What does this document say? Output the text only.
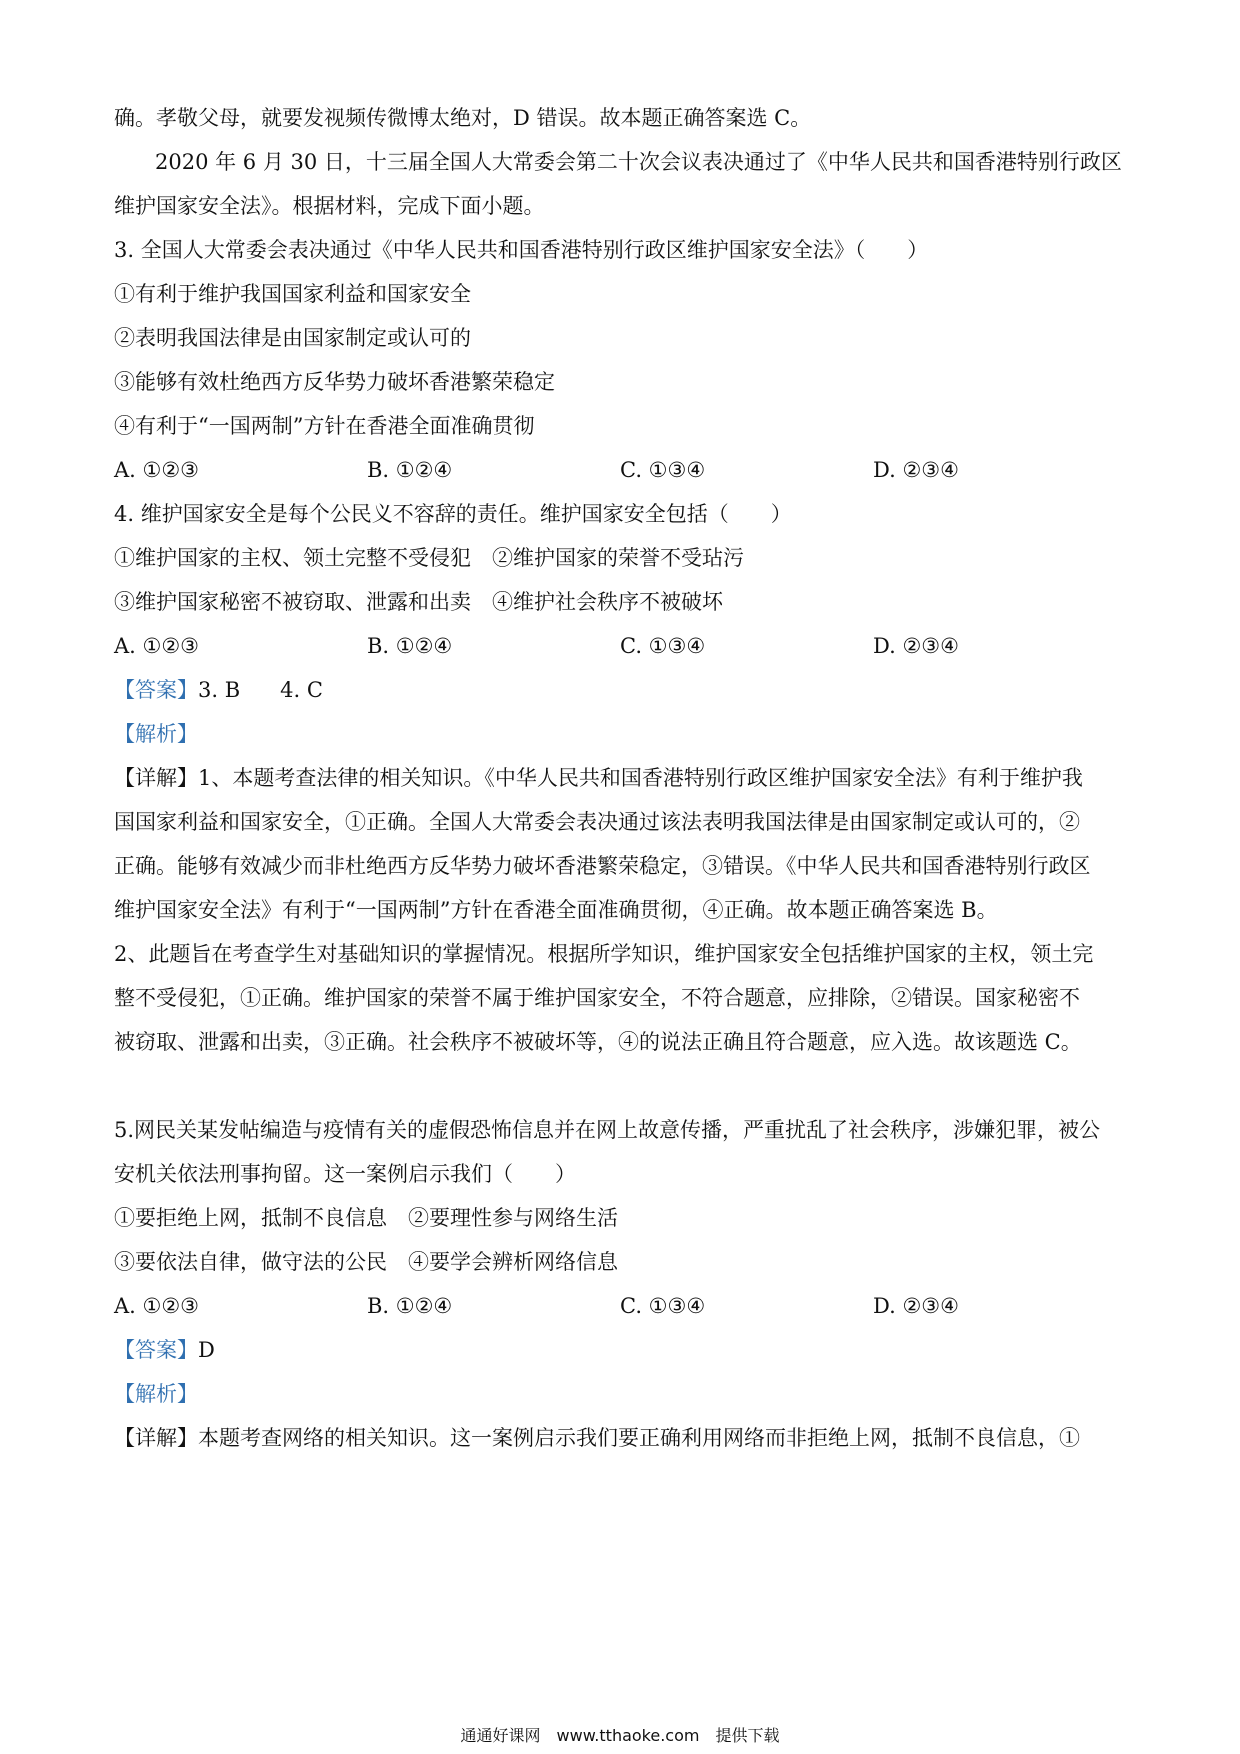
确。孝敬父母，就要发视频传微博太绝对，D 错误。故本题正确答案选 C。
2020 年 6 月 30 日，十三届全国人大常委会第二十次会议表决通过了《中华人民共和国香港特别行政区
维护国家安全法》。根据材料，完成下面小题。
3. 全国人大常委会表决通过《中华人民共和国香港特别行政区维护国家安全法》（　　）
①有利于维护我国国家利益和国家安全
②表明我国法律是由国家制定或认可的
③能够有效杜绝西方反华势力破坏香港繁荣稳定
④有利于“一国两制”方针在香港全面准确贯彻
A. ①②③	B. ①②④	C. ①③④	D. ②③④
4. 维护国家安全是每个公民义不容辞的责任。维护国家安全包括（　　）
①维护国家的主权、领土完整不受侵犯　②维护国家的荣誉不受玷污
③维护国家秘密不被窃取、泄露和出卖　④维护社会秩序不被破坏
A. ①②③	B. ①②④	C. ①③④	D. ②③④
【答案】3. B 4. C
【解析】
【详解】1、本题考查法律的相关知识。《中华人民共和国香港特别行政区维护国家安全法》有利于维护我
国国家利益和国家安全，①正确。全国人大常委会表决通过该法表明我国法律是由国家制定或认可的，②
正确。能够有效减少而非杜绝西方反华势力破坏香港繁荣稳定，③错误。《中华人民共和国香港特别行政区
维护国家安全法》有利于“一国两制”方针在香港全面准确贯彻，④正确。故本题正确答案选 B。
2、此题旨在考查学生对基础知识的掌握情况。根据所学知识，维护国家安全包括维护国家的主权，领土完
整不受侵犯，①正确。维护国家的荣誉不属于维护国家安全，不符合题意，应排除，②错误。国家秘密不
被窃取、泄露和出卖，③正确。社会秩序不被破坏等，④的说法正确且符合题意，应入选。故该题选 C。
5.网民关某发帖编造与疫情有关的虚假恐怖信息并在网上故意传播，严重扰乱了社会秩序，涉嫌犯罪，被公
安机关依法刑事拘留。这一案例启示我们（　　）
①要拒绝上网，抵制不良信息　②要理性参与网络生活
③要依法自律，做守法的公民　④要学会辨析网络信息
A. ①②③	B. ①②④	C. ①③④	D. ②③④
【答案】D
【解析】
【详解】本题考查网络的相关知识。这一案例启示我们要正确利用网络而非拒绝上网，抵制不良信息，①
通通好课网　www.tthaoke.com　提供下载
